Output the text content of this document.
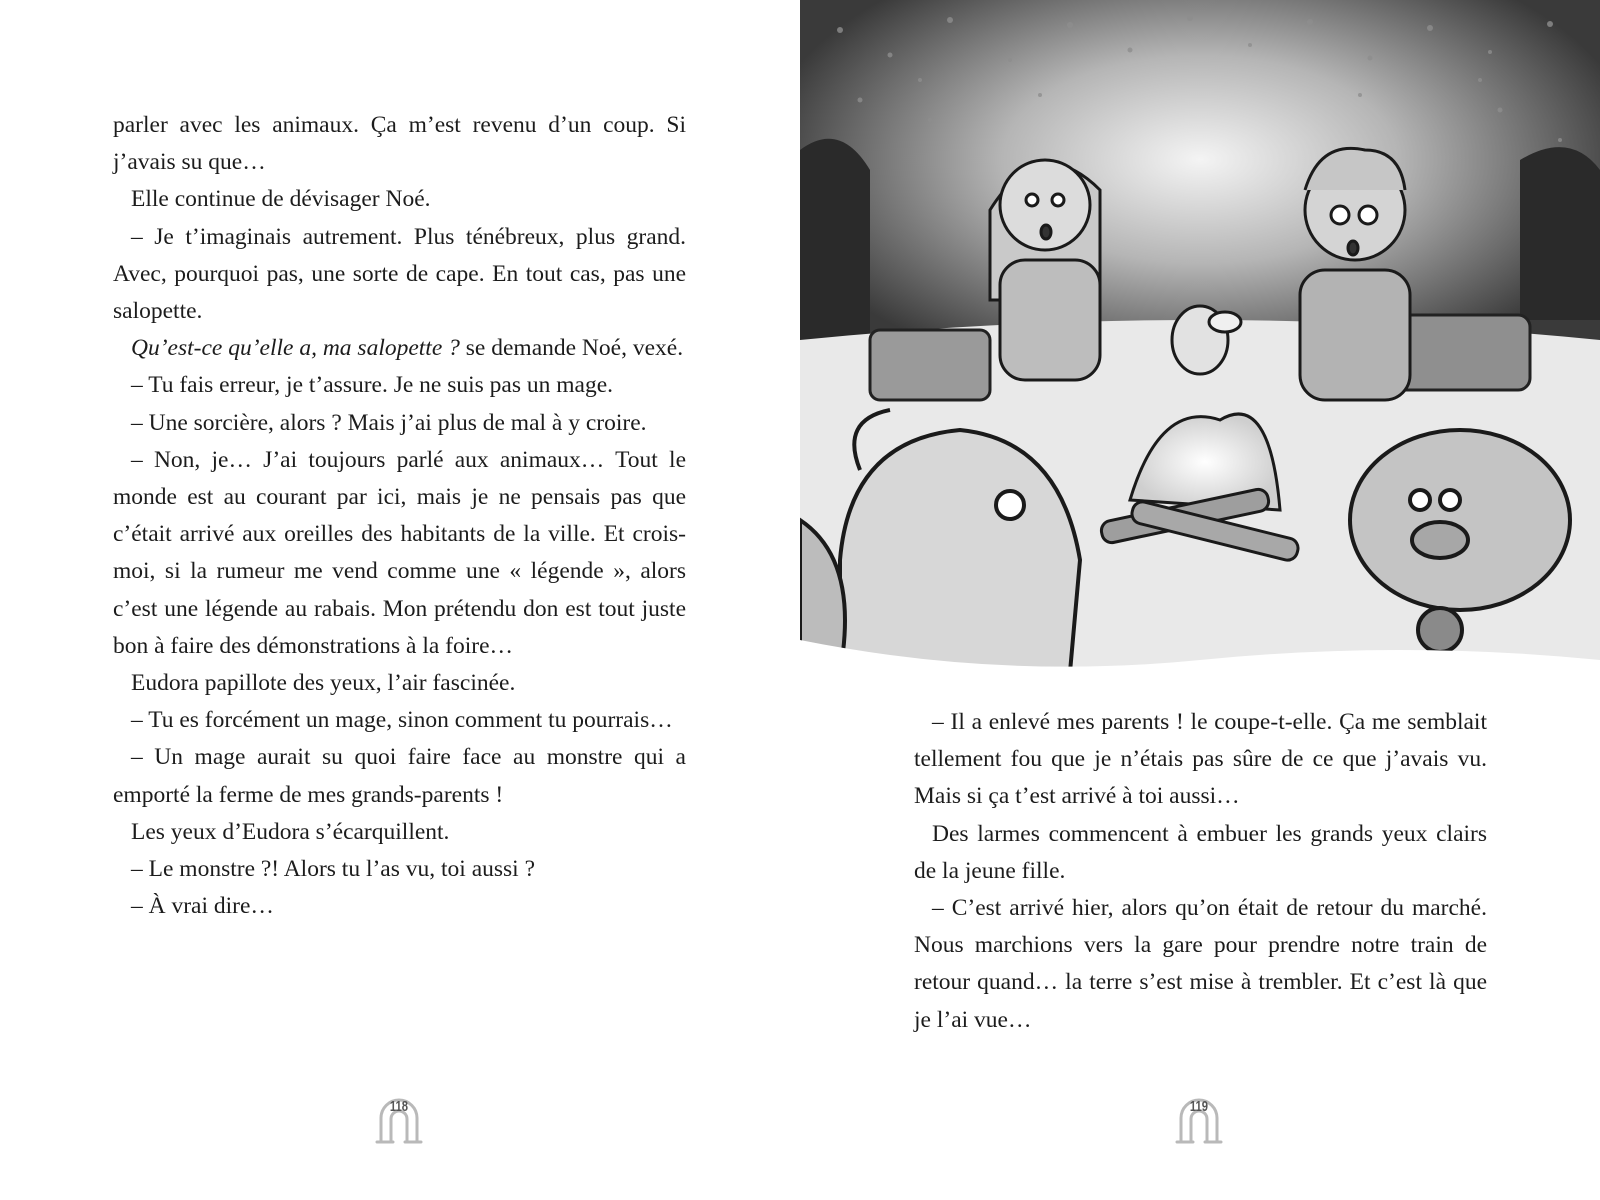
parler avec les animaux. Ça m’est revenu d’un coup. Si j’avais su que…

Elle continue de dévisager Noé.

– Je t’imaginais autrement. Plus ténébreux, plus grand. Avec, pourquoi pas, une sorte de cape. En tout cas, pas une salopette.

Qu’est-ce qu’elle a, ma salopette ? se demande Noé, vexé.

– Tu fais erreur, je t’assure. Je ne suis pas un mage.

– Une sorcière, alors ? Mais j’ai plus de mal à y croire.

– Non, je… J’ai toujours parlé aux animaux… Tout le monde est au courant par ici, mais je ne pensais pas que c’était arrivé aux oreilles des habitants de la ville. Et crois-moi, si la rumeur me vend comme une « légende », alors c’est une légende au rabais. Mon prétendu don est tout juste bon à faire des démonstrations à la foire…

Eudora papillote des yeux, l’air fascinée.

– Tu es forcément un mage, sinon comment tu pourrais…

– Un mage aurait su quoi faire face au monstre qui a emporté la ferme de mes grands-parents !

Les yeux d’Eudora s’écarquillent.

– Le monstre ?! Alors tu l’as vu, toi aussi ?

– À vrai dire…

118

– Il a enlevé mes parents ! le coupe-t-elle. Ça me semblait tellement fou que je n’étais pas sûre de ce que j’avais vu. Mais si ça t’est arrivé à toi aussi…

Des larmes commencent à embuer les grands yeux clairs de la jeune fille.

– C’est arrivé hier, alors qu’on était de retour du marché. Nous marchions vers la gare pour prendre notre train de retour quand… la terre s’est mise à trembler. Et c’est là que je l’ai vue…

119
